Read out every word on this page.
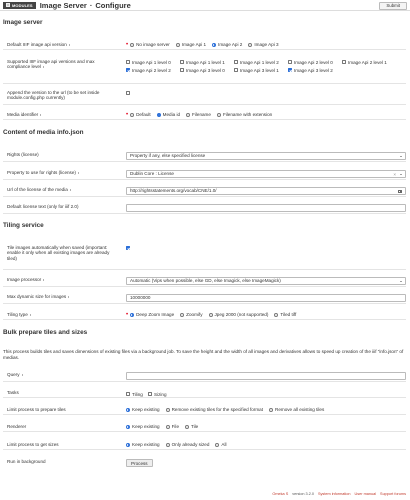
MODULES Image Server · Configure	Submit
Image server
Default IIIF image api version	• No image server	Image Api 1	Image Api 2	Image Api 3
Supported IIIF image api versions and max compliance level
Image Api 1 level 0	Image Api 1 level 1	Image Api 1 level 2	Image Api 2 level 0	Image Api 2 level 1
Image Api 2 level 2	Image Api 3 level 0	Image Api 3 level 1	Image Api 3 level 2
Append the version to the url (to be set inside module.config.php currently)
Media identifier	• Default	Media id	Filename	Filename with extension
Content of media info.json
Rights (license)	Property if any, else specified license
Property to use for rights (license)	Dublin Core : License	×
Url of the license of the media	http://rightsstatements.org/vocab/CNE/1.0/
Default license text (only for iiif 2.0)
Tiling service
Tile images automatically when saved (important: enable it only when all existing images are already tiled)
Image processor	Automatic (Vips when possible, else GD, else Imagick, else ImageMagick)
Max dynamic size for images	10000000
Tiling type	• Deep Zoom Image	Zoomify	Jpeg 2000 (not supported)	Tiled tiff
Bulk prepare tiles and sizes
This process builds tiles and saves dimensions of existing files via a background job. To save the height and the width of all images and derivatives allows to speed up creation of the iiif "info.json" of medias.
Query
Tasks	Tiling Sizing
Limit process to prepare tiles	Keep existing	Remove existing tiles for the specified format	Remove all existing tiles
Renderer	Keep existing	File	Tile
Limit process to get sizes	Keep existing	Only already sized	All
Run in background	Process
Omeka S version 3.2.0 System information User manual Support forums
